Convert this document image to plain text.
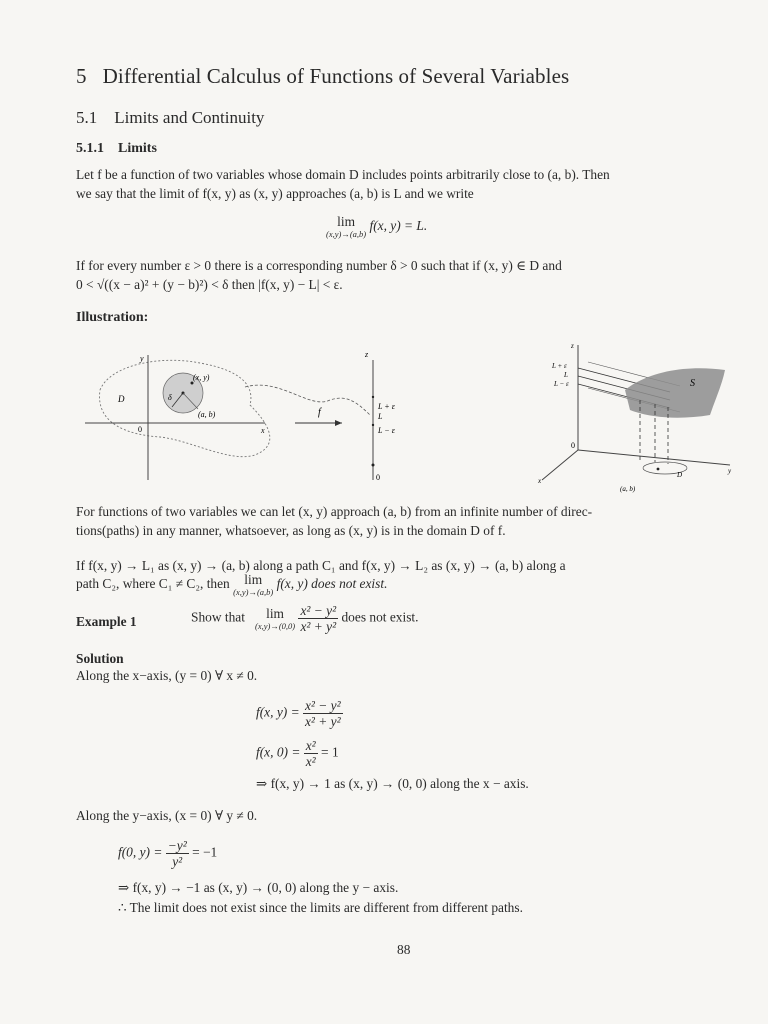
5 Differential Calculus of Functions of Several Variables
5.1 Limits and Continuity
5.1.1 Limits
Let f be a function of two variables whose domain D includes points arbitrarily close to (a, b). Then
we say that the limit of f(x, y) as (x, y) approaches (a, b) is L and we write
lim
(x,y)→(a,b)
f(x, y) = L.
If for every number ε > 0 there is a corresponding number δ > 0 such that if (x, y) ∈ D and
0 < √((x − a)² + (y − b)²) < δ then |f(x, y) − L| < ε.
Illustration:
y
D
(x, y)
δ
(a, b)
0	x
f
z
L + ε
L
L − ε
0
z
L + ε
L
L − ε	S
0
x
y
D
(a, b)
For functions of two variables we can let (x, y) approach (a, b) from an infinite number of direc-
tions(paths) in any manner, whatsoever, as long as (x, y) is in the domain D of f.
If f(x, y) → L₁ as (x, y) → (a, b) along a path C₁ and f(x, y) → L₂ as (x, y) → (a, b) along a
path C₂, where C₁ ≠ C₂, then	lim
(x,y)→(a,b)
f(x, y) does not exist.
Example 1	Show that	lim
(x,y)→(0,0)
$\frac{\text{x² − y²}}{\text{x² + y²}}$ does not exist.
Solution
Along the x−axis, (y = 0) ∀ x ≠ 0.
f(x, $y) = \frac{\text{x² − y²}}{\text{x² + y²}}$
f(x, $0) = \frac{\text{x²}}{\text{x²}} = 1$
⇒ f(x, y) → 1 as (x, y) → (0, 0) along the x − axis.
Along the y−axis, (x = 0) ∀ y ≠ 0.
f(0, $y) = \frac{\text{−y²}}{\text{y²}} = -1$
⇒ f(x, y) → −1 as (x, y) → (0, 0) along the y − axis.
∴ The limit does not exist since the limits are different from different paths.
88
